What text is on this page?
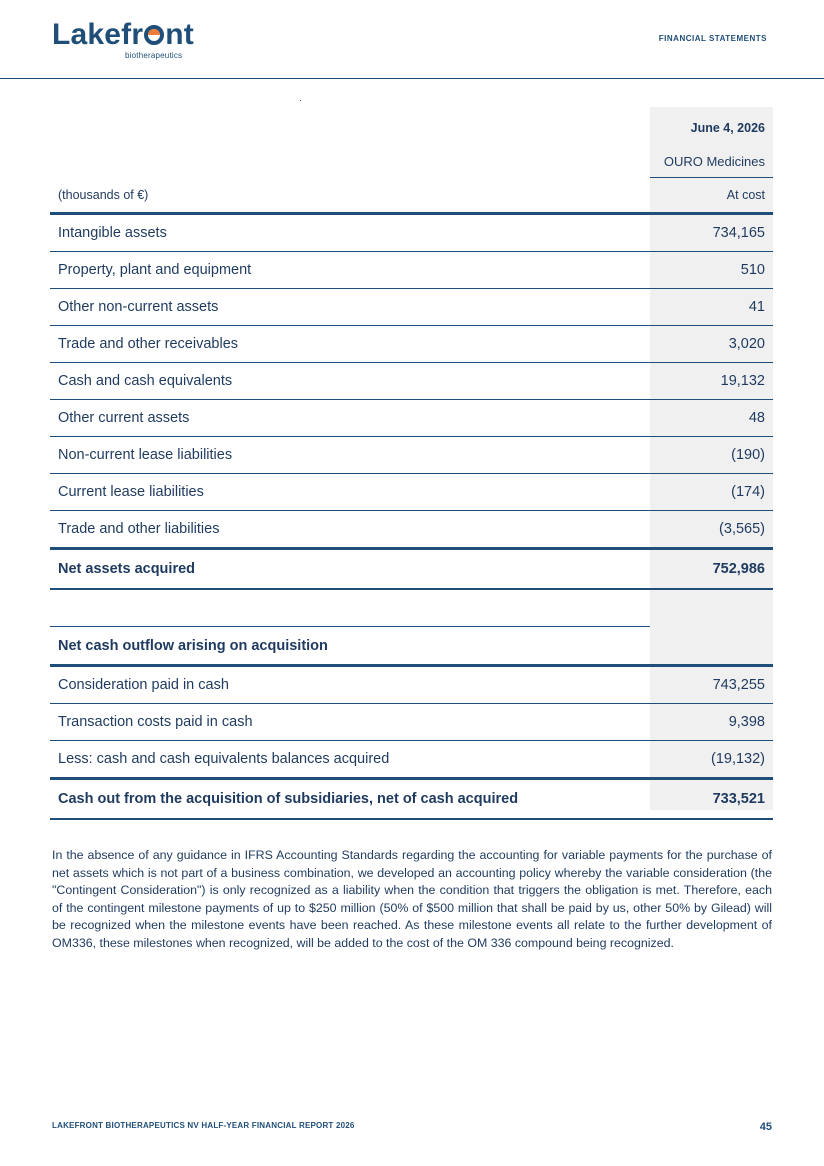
Lakefr nt
biotherapeutics
FINANCIAL STATEMENTS
	June 4, 2026
	OURO Medicines
(thousands of €)	At cost
Intangible assets	734,165
Property, plant and equipment	510
Other non-current assets	41
Trade and other receivables	3,020
Cash and cash equivalents	19,132
Other current assets	48
Non-current lease liabilities	(190)
Current lease liabilities	(174)
Trade and other liabilities	(3,565)
Net assets acquired	752,986

Net cash outflow arising on acquisition	
Consideration paid in cash	743,255
Transaction costs paid in cash	9,398
Less: cash and cash equivalents balances acquired	(19,132)
Cash out from the acquisition of subsidiaries, net of cash acquired	733,521
In the absence of any guidance in IFRS Accounting Standards regarding the accounting for variable payments for the purchase of net assets which is not part of a business combination, we developed an accounting policy whereby the variable consideration (the "Contingent Consideration") is only recognized as a liability when the condition that triggers the obligation is met. Therefore, each of the contingent milestone payments of up to $250 million (50% of $500 million that shall be paid by us, other 50% by Gilead) will be recognized when the milestone events have been reached. As these milestone events all relate to the further development of OM336, these milestones when recognized, will be added to the cost of the OM 336 compound being recognized.
LAKEFRONT BIOTHERAPEUTICS NV HALF-YEAR FINANCIAL REPORT 2026	45
